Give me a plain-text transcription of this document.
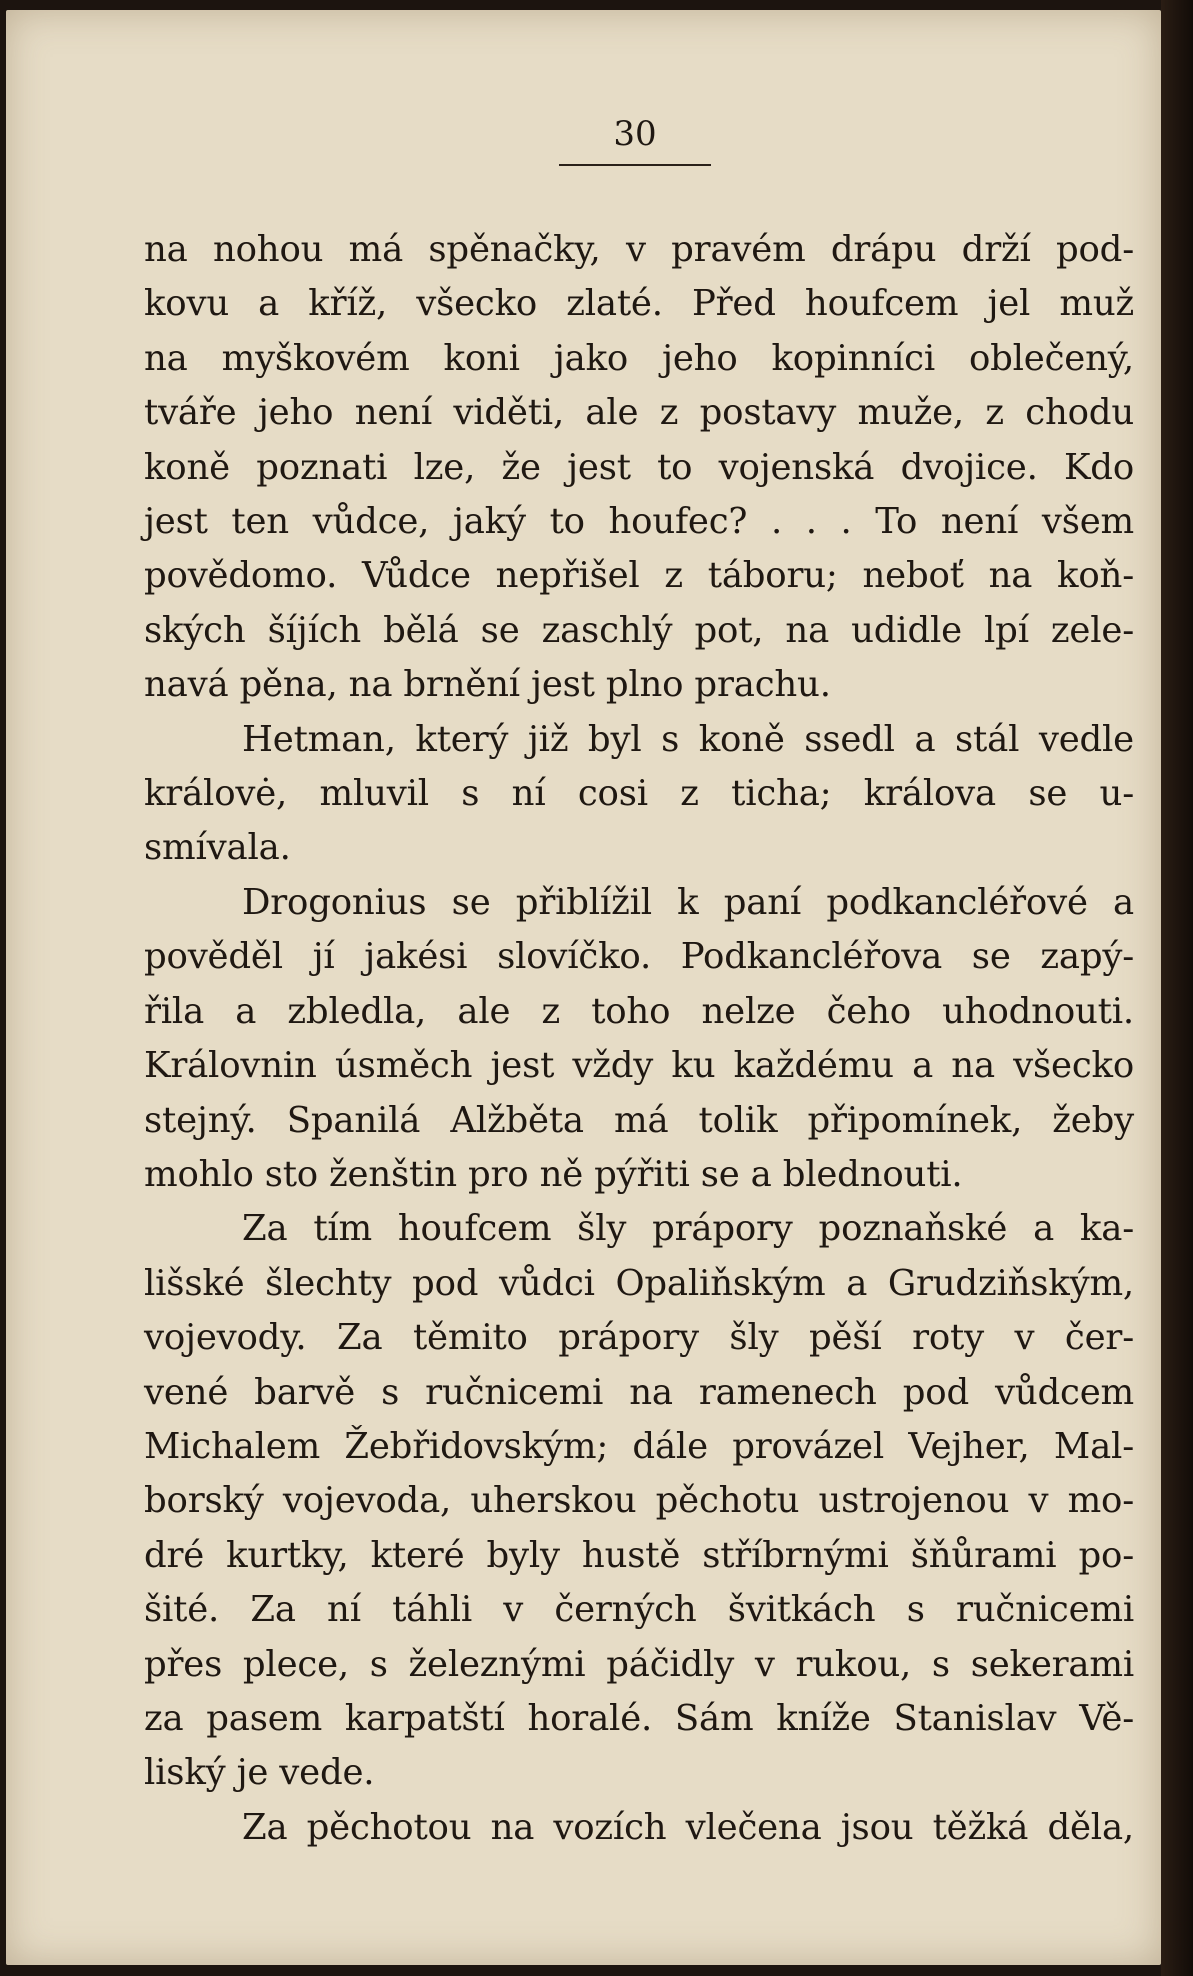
30
na nohou má spěnačky, v pravém drápu drží pod-
kovu a kříž, všecko zlaté. Před houfcem jel muž
na myškovém koni jako jeho kopinníci oblečený,
tváře jeho není viděti, ale z postavy muže, z chodu
koně poznati lze, že jest to vojenská dvojice. Kdo
jest ten vůdce, jaký to houfec? . . . To není všem
povědomo. Vůdce nepřišel z táboru; neboť na koň-
ských šíjích bělá se zaschlý pot, na udidle lpí zele-
navá pěna, na brnění jest plno prachu.
Hetman, který již byl s koně ssedl a stál vedle
královė, mluvil s ní cosi z ticha; králova se u-
smívala.
Drogonius se přiblížil k paní podkancléřové a
pověděl jí jakési slovíčko. Podkancléřova se zapý-
řila a zbledla, ale z toho nelze čeho uhodnouti.
Královnin úsměch jest vždy ku každému a na všecko
stejný. Spanilá Alžběta má tolik připomínek, žeby
mohlo sto ženštin pro ně pýřiti se a blednouti.
Za tím houfcem šly prápory poznaňské a ka-
lišské šlechty pod vůdci Opaliňským a Grudziňským,
vojevody. Za těmito prápory šly pěší roty v čer-
vené barvě s ručnicemi na ramenech pod vůdcem
Michalem Žebřidovským; dále provázel Vejher, Mal-
borský vojevoda, uherskou pěchotu ustrojenou v mo-
dré kurtky, které byly hustě stříbrnými šňůrami po-
šité. Za ní táhli v černých švitkách s ručnicemi
přes plece, s železnými páčidly v rukou, s sekerami
za pasem karpatští horalé. Sám kníže Stanislav Vě-
liský je vede.
Za pěchotou na vozích vlečena jsou těžká děla,
